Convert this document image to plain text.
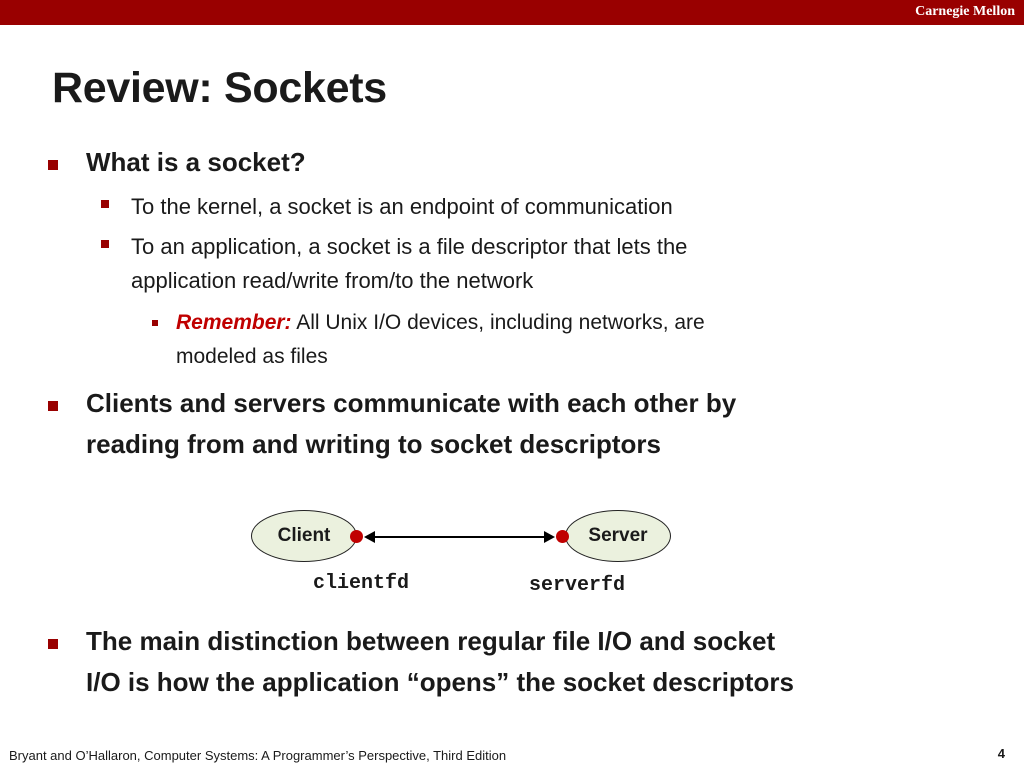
Carnegie Mellon
Review: Sockets
What is a socket?
To the kernel, a socket is an endpoint of communication
To an application, a socket is a file descriptor that lets the
application read/write from/to the network
Remember: All Unix I/O devices, including networks, are
modeled as files
Clients and servers communicate with each other by
reading from and writing to socket descriptors
Client	Server
clientfd	serverfd
The main distinction between regular file I/O and socket
I/O is how the application “opens” the socket descriptors
Bryant and O’Hallaron, Computer Systems: A Programmer’s Perspective, Third Edition	4
